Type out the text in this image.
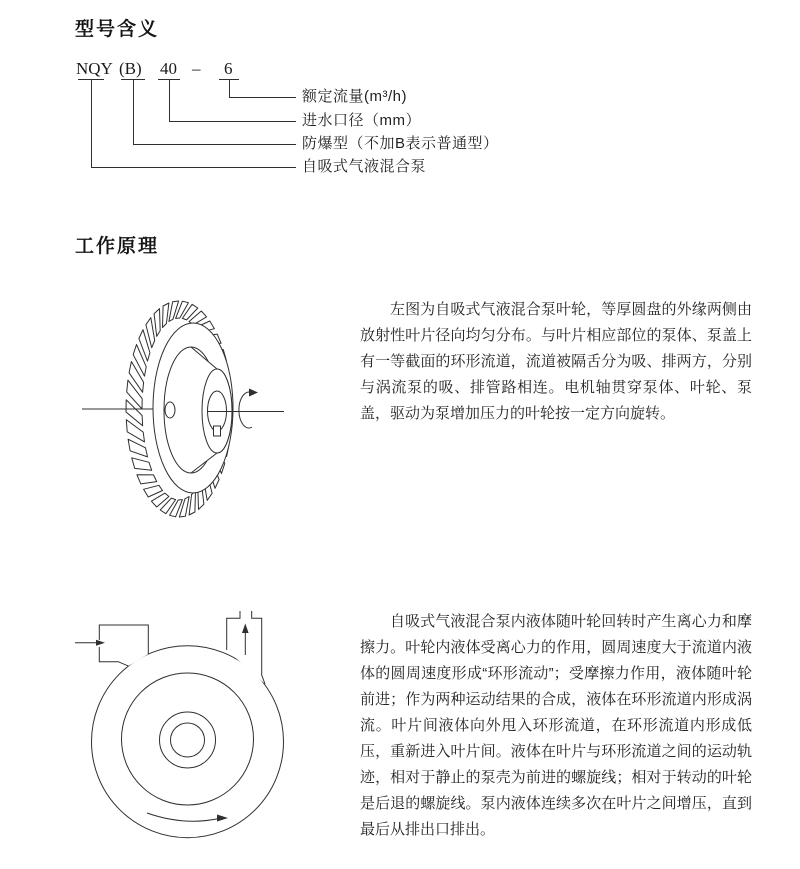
型号含义
NQY (B) 40 – 6
额定流量(m³/h)
进水口径（mm）
防爆型（不加B表示普通型）
自吸式气液混合泵
工作原理
左图为自吸式气液混合泵叶轮，等厚圆盘的外缘两侧由放射性叶片径向均匀分布。与叶片相应部位的泵体、泵盖上有一等截面的环形流道，流道被隔舌分为吸、排两方，分别与涡流泵的吸、排管路相连。电机轴贯穿泵体、叶轮、泵盖，驱动为泵增加压力的叶轮按一定方向旋转。
自吸式气液混合泵内液体随叶轮回转时产生离心力和摩擦力。叶轮内液体受离心力的作用，圆周速度大于流道内液体的圆周速度形成“环形流动”；受摩擦力作用，液体随叶轮前进；作为两种运动结果的合成，液体在环形流道内形成涡流。叶片间液体向外甩入环形流道，在环形流道内形成低压，重新进入叶片间。液体在叶片与环形流道之间的运动轨迹，相对于静止的泵壳为前进的螺旋线；相对于转动的叶轮是后退的螺旋线。泵内液体连续多次在叶片之间增压，直到最后从排出口排出。
